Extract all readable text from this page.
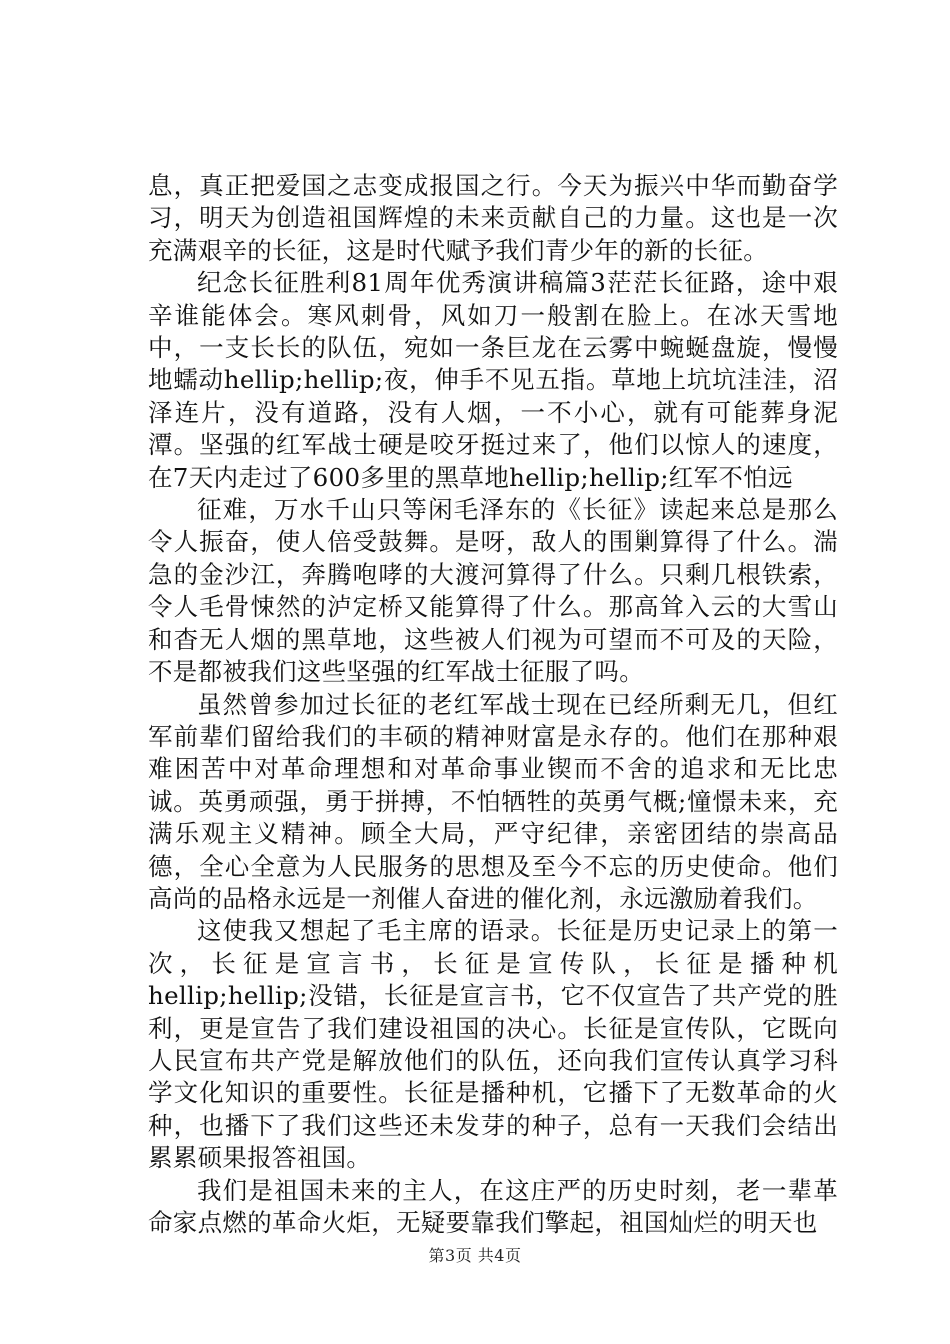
息，真正把爱国之志变成报国之行。今天为振兴中华而勤奋学习，明天为创造祖国辉煌的未来贡献自己的力量。这也是一次充满艰辛的长征，这是时代赋予我们青少年的新的长征。

纪念长征胜利81周年优秀演讲稿篇3茫茫长征路，途中艰辛谁能体会。寒风刺骨，风如刀一般割在脸上。在冰天雪地中，一支长长的队伍，宛如一条巨龙在云雾中蜿蜒盘旋，慢慢地蠕动hellip;hellip;夜，伸手不见五指。草地上坑坑洼洼，沼泽连片，没有道路，没有人烟，一不小心，就有可能葬身泥潭。坚强的红军战士硬是咬牙挺过来了，他们以惊人的速度，在7天内走过了600多里的黑草地hellip;hellip;红军不怕远

征难，万水千山只等闲毛泽东的《长征》读起来总是那么令人振奋，使人倍受鼓舞。是呀，敌人的围剿算得了什么。湍急的金沙江，奔腾咆哮的大渡河算得了什么。只剩几根铁索，令人毛骨悚然的泸定桥又能算得了什么。那高耸入云的大雪山和杳无人烟的黑草地，这些被人们视为可望而不可及的天险，不是都被我们这些坚强的红军战士征服了吗。

虽然曾参加过长征的老红军战士现在已经所剩无几，但红军前辈们留给我们的丰硕的精神财富是永存的。他们在那种艰难困苦中对革命理想和对革命事业锲而不舍的追求和无比忠诚。英勇顽强，勇于拼搏，不怕牺牲的英勇气概;憧憬未来，充满乐观主义精神。顾全大局，严守纪律，亲密团结的崇高品德，全心全意为人民服务的思想及至今不忘的历史使命。他们高尚的品格永远是一剂催人奋进的催化剂，永远激励着我们。

这使我又想起了毛主席的语录。长征是历史记录上的第一次，长征是宣言书，长征是宣传队，长征是播种机hellip;hellip;没错，长征是宣言书，它不仅宣告了共产党的胜利，更是宣告了我们建设祖国的决心。长征是宣传队，它既向人民宣布共产党是解放他们的队伍，还向我们宣传认真学习科学文化知识的重要性。长征是播种机，它播下了无数革命的火种，也播下了我们这些还未发芽的种子，总有一天我们会结出累累硕果报答祖国。

我们是祖国未来的主人，在这庄严的历史时刻，老一辈革命家点燃的革命火炬，无疑要靠我们擎起，祖国灿烂的明天也

第3页 共4页
